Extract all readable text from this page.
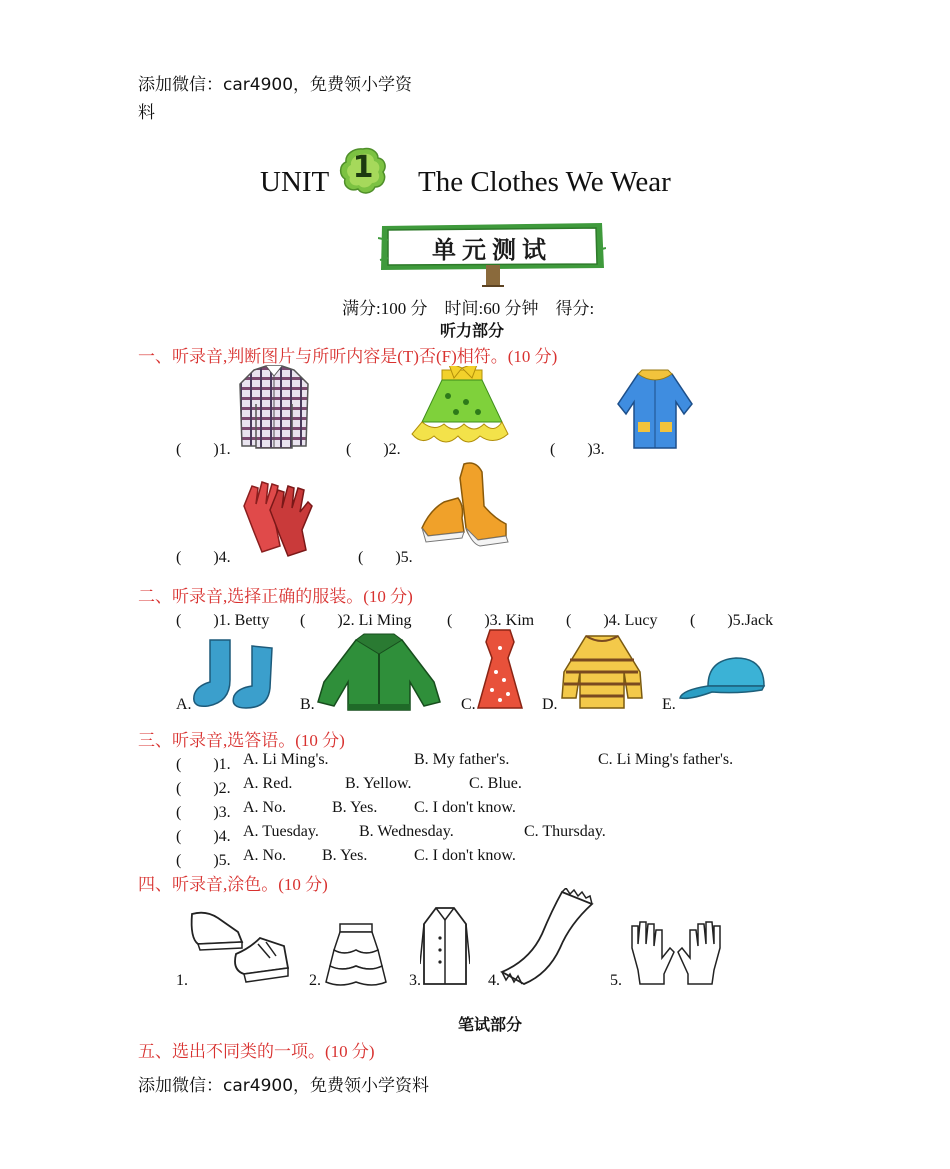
添加微信：car4900，免费领小学资
料
UNIT 1	The Clothes We Wear
单元测试
满分:100 分　时间:60 分钟　得分:
听力部分
一、听录音,判断图片与所听内容是(T)否(F)相符。(10 分)
(　　)1.	(　　)2.	(　　)3.
(　　)4.	(　　)5.
二、听录音,选择正确的服装。(10 分)
(　　)1. Betty (　　)2. Li Ming (　　)3. Kim (　　)4. Lucy (　　)5.Jack
A.	B.	C.	D.	E.
三、听录音,选答语。(10 分)
(　　)1. A. Li Ming's.	B. My father's.	C. Li Ming's father's.
(　　)2. A. Red.	B. Yellow.	C. Blue.
(　　)3. A. No.	B. Yes. C. I don't know.
(　　)4. A. Tuesday.	B. Wednesday.	C. Thursday.
(　　)5. A. No. B. Yes.	C. I don't know.
四、听录音,涂色。(10 分)
1.	2.	3.	4.	5.
笔试部分
五、选出不同类的一项。(10 分)
添加微信：car4900，免费领小学资料
